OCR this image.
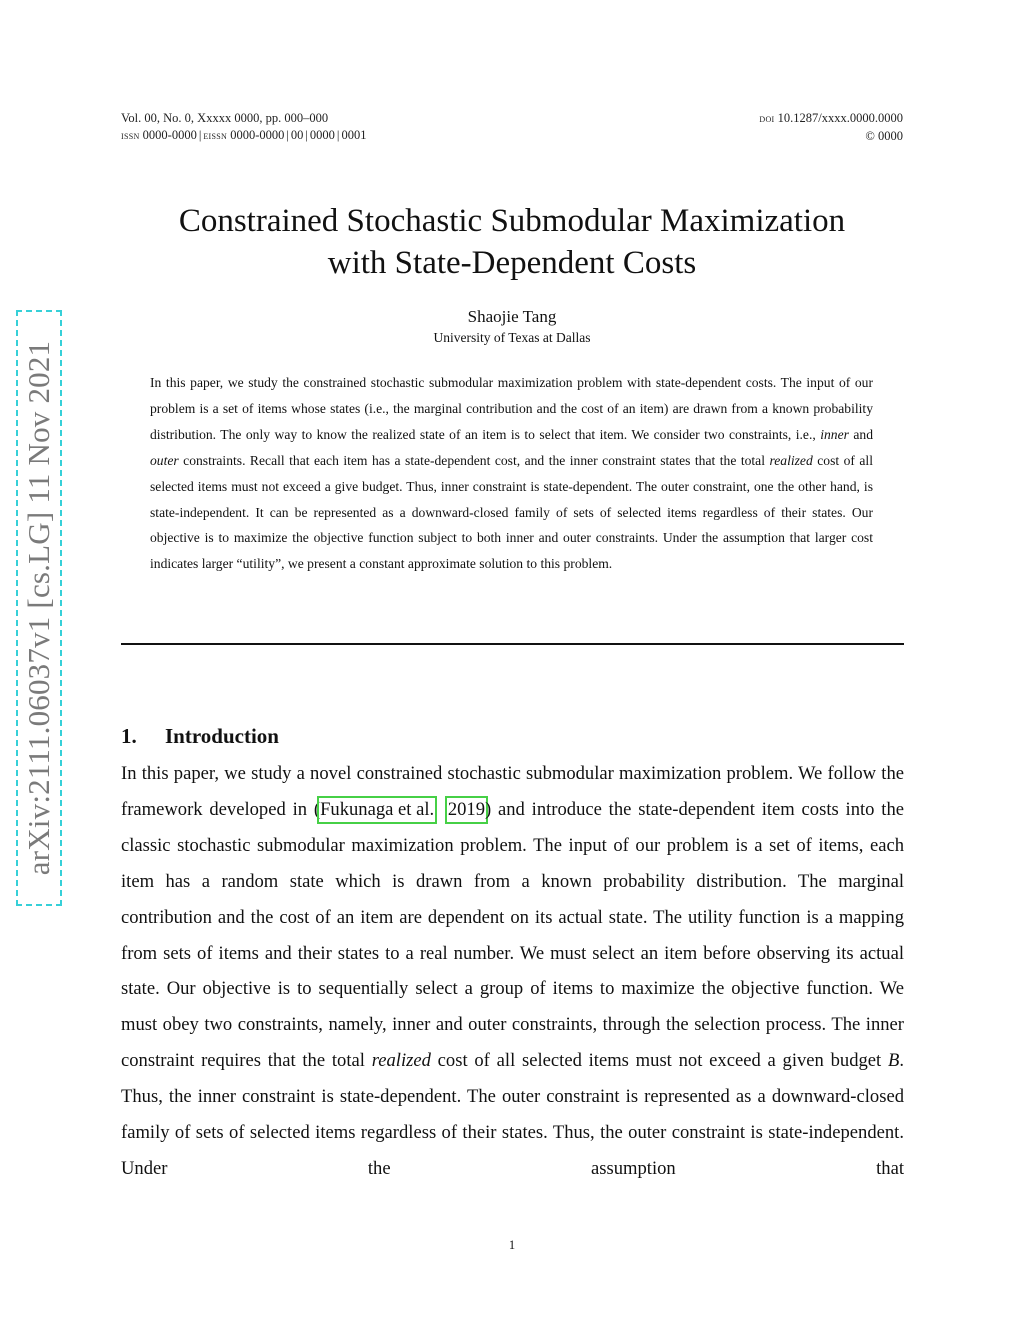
Vol. 00, No. 0, Xxxxx 0000, pp. 000–000
issn 0000-0000 | eissn 0000-0000 | 00 | 0000 | 0001
doi 10.1287/xxxx.0000.0000
© 0000
arXiv:2111.06037v1 [cs.LG] 11 Nov 2021
Constrained Stochastic Submodular Maximization
with State-Dependent Costs
Shaojie Tang
University of Texas at Dallas

In this paper, we study the constrained stochastic submodular maximization problem with state-dependent costs. The input of our problem is a set of items whose states (i.e., the marginal contribution and the cost of an item) are drawn from a known probability distribution. The only way to know the realized state of an item is to select that item. We consider two constraints, i.e., inner and outer constraints. Recall that each item has a state-dependent cost, and the inner constraint states that the total realized cost of all selected items must not exceed a give budget. Thus, inner constraint is state-dependent. The outer constraint, one the other hand, is state-independent. It can be represented as a downward-closed family of sets of selected items regardless of their states. Our objective is to maximize the objective function subject to both inner and outer constraints. Under the assumption that larger cost indicates larger “utility”, we present a constant approximate solution to this problem.

1. Introduction

In this paper, we study a novel constrained stochastic submodular maximization problem. We follow the framework developed in (Fukunaga et al. 2019) and introduce the state-dependent item costs into the classic stochastic submodular maximization problem. The input of our problem is a set of items, each item has a random state which is drawn from a known probability distribution. The marginal contribution and the cost of an item are dependent on its actual state. The utility function is a mapping from sets of items and their states to a real number. We must select an item before observing its actual state. Our objective is to sequentially select a group of items to maximize the objective function. We must obey two constraints, namely, inner and outer constraints, through the selection process. The inner constraint requires that the total realized cost of all selected items must not exceed a given budget B. Thus, the inner constraint is state-dependent. The outer constraint is represented as a downward-closed family of sets of selected items regardless of their states. Thus, the outer constraint is state-independent. Under the assumption that

1
